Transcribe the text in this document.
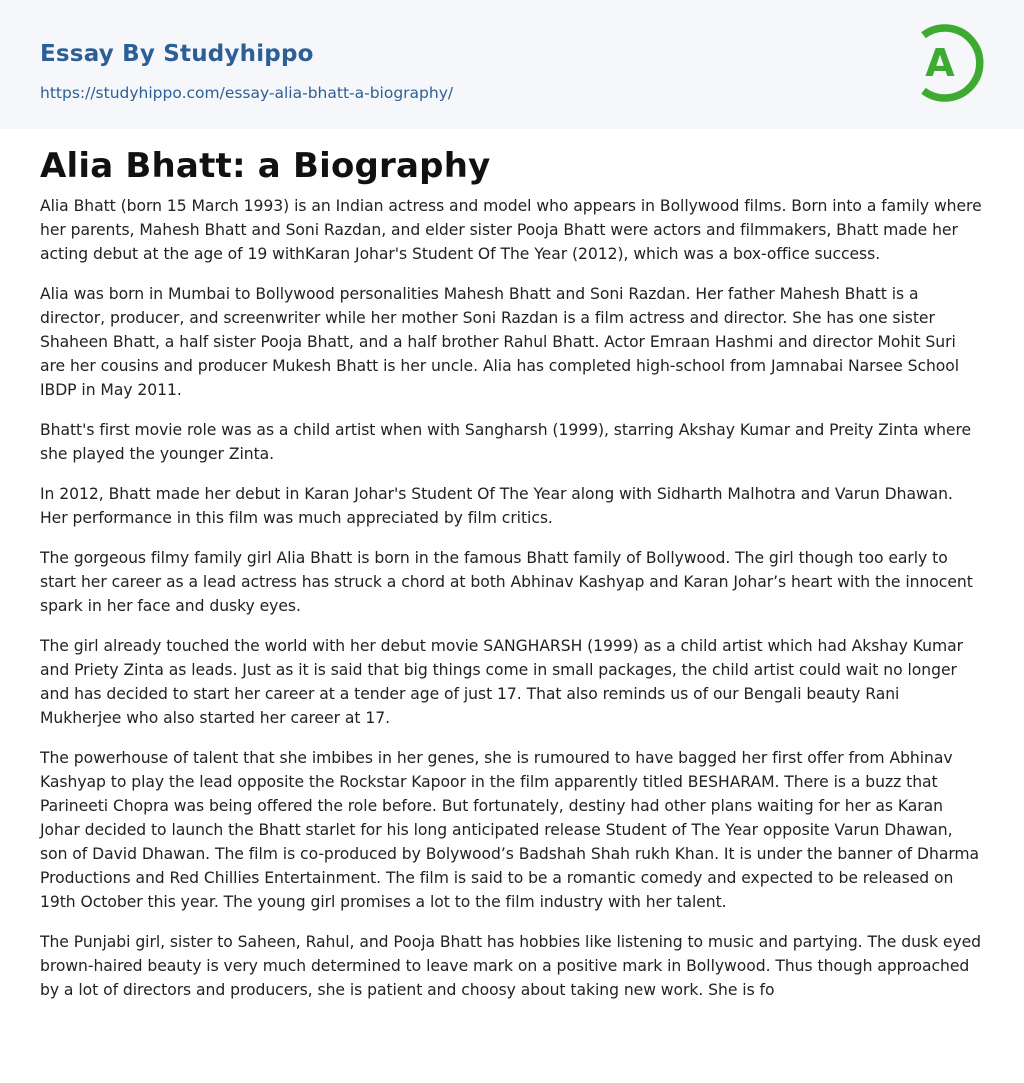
Essay By Studyhippo
https://studyhippo.com/essay-alia-bhatt-a-biography/
A
Alia Bhatt: a Biography

Alia Bhatt (born 15 March 1993) is an Indian actress and model who appears in Bollywood films. Born into a family where her parents, Mahesh Bhatt and Soni Razdan, and elder sister Pooja Bhatt were actors and filmmakers, Bhatt made her acting debut at the age of 19 withKaran Johar's Student Of The Year (2012), which was a box-office success.

Alia was born in Mumbai to Bollywood personalities Mahesh Bhatt and Soni Razdan. Her father Mahesh Bhatt is a director, producer, and screenwriter while her mother Soni Razdan is a film actress and director. She has one sister Shaheen Bhatt, a half sister Pooja Bhatt, and a half brother Rahul Bhatt. Actor Emraan Hashmi and director Mohit Suri are her cousins and producer Mukesh Bhatt is her uncle. Alia has completed high-school from Jamnabai Narsee School IBDP in May 2011.

Bhatt's first movie role was as a child artist when with Sangharsh (1999), starring Akshay Kumar and Preity Zinta where she played the younger Zinta.

In 2012, Bhatt made her debut in Karan Johar's Student Of The Year along with Sidharth Malhotra and Varun Dhawan. Her performance in this film was much appreciated by film critics.

The gorgeous filmy family girl Alia Bhatt is born in the famous Bhatt family of Bollywood. The girl though too early to start her career as a lead actress has struck a chord at both Abhinav Kashyap and Karan Johar’s heart with the innocent spark in her face and dusky eyes.

The girl already touched the world with her debut movie SANGHARSH (1999) as a child artist which had Akshay Kumar and Priety Zinta as leads. Just as it is said that big things come in small packages, the child artist could wait no longer and has decided to start her career at a tender age of just 17. That also reminds us of our Bengali beauty Rani Mukherjee who also started her career at 17.

The powerhouse of talent that she imbibes in her genes, she is rumoured to have bagged her first offer from Abhinav Kashyap to play the lead opposite the Rockstar Kapoor in the film apparently titled BESHARAM. There is a buzz that Parineeti Chopra was being offered the role before. But fortunately, destiny had other plans waiting for her as Karan Johar decided to launch the Bhatt starlet for his long anticipated release Student of The Year opposite Varun Dhawan, son of David Dhawan. The film is co-produced by Bolywood’s Badshah Shah rukh Khan. It is under the banner of Dharma Productions and Red Chillies Entertainment. The film is said to be a romantic comedy and expected to be released on 19th October this year. The young girl promises a lot to the film industry with her talent.

The Punjabi girl, sister to Saheen, Rahul, and Pooja Bhatt has hobbies like listening to music and partying. The dusk eyed brown-haired beauty is very much determined to leave mark on a positive mark in Bollywood. Thus though approached by a lot of directors and producers, she is patient and choosy about taking new work. She is fo
